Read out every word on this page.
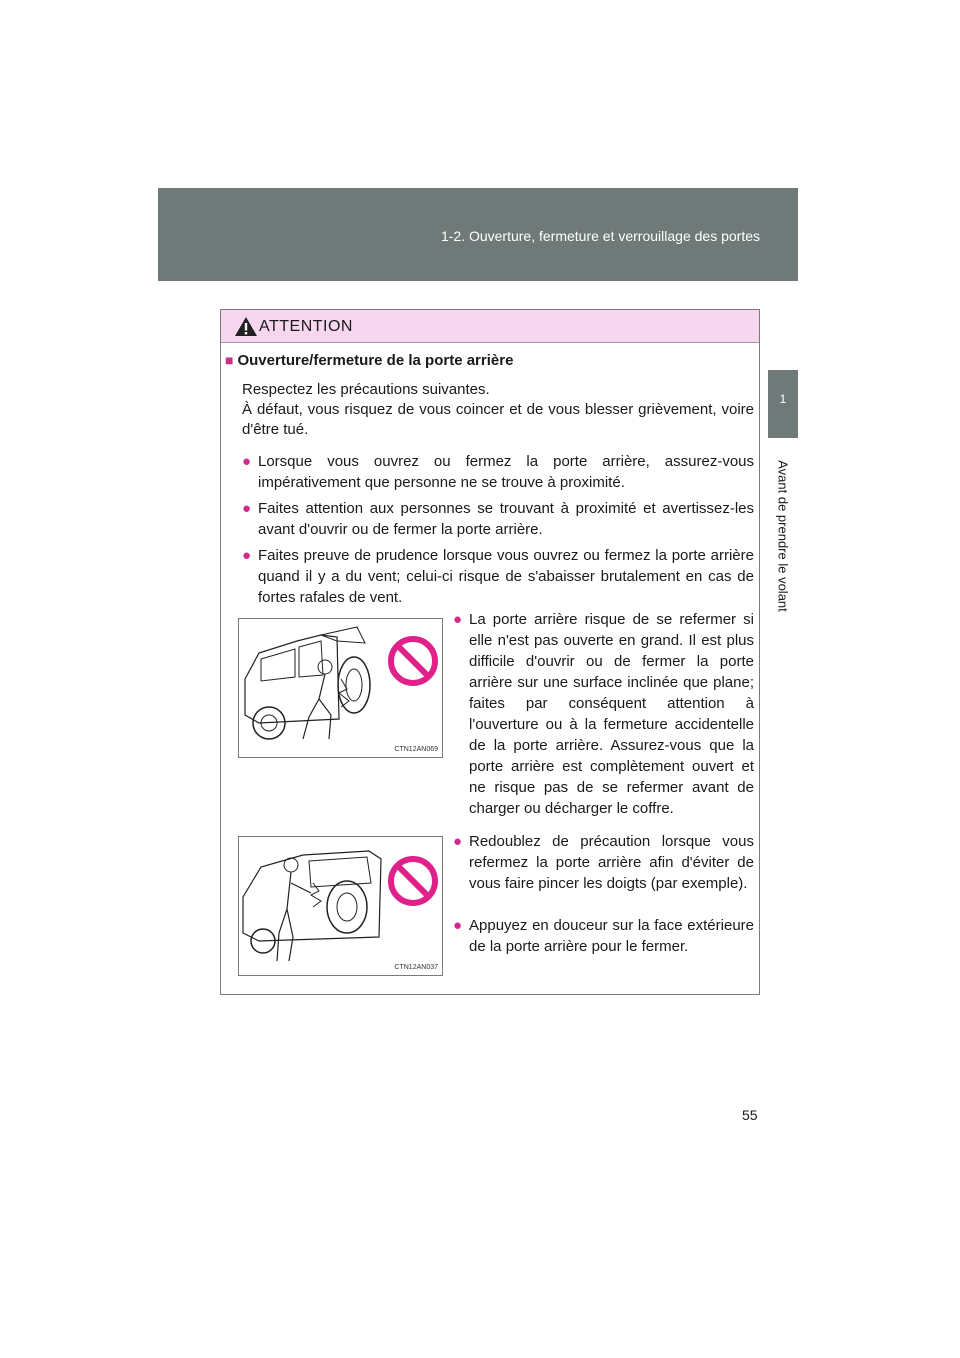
1-2. Ouverture, fermeture et verrouillage des portes
1
Avant de prendre le volant
ATTENTION
■ Ouverture/fermeture de la porte arrière
Respectez les précautions suivantes.
À défaut, vous risquez de vous coincer et de vous blesser grièvement, voire d'être tué.
● Lorsque vous ouvrez ou fermez la porte arrière, assurez-vous impérativement que personne ne se trouve à proximité.
● Faites attention aux personnes se trouvant à proximité et avertissez-les avant d'ouvrir ou de fermer la porte arrière.
● Faites preuve de prudence lorsque vous ouvrez ou fermez la porte arrière quand il y a du vent; celui-ci risque de s'abaisser brutalement en cas de fortes rafales de vent.
CTN12AN069
● La porte arrière risque de se refermer si elle n'est pas ouverte en grand. Il est plus difficile d'ouvrir ou de fermer la porte arrière sur une surface inclinée que plane; faites par conséquent attention à l'ouverture ou à la fermeture accidentelle de la porte arrière. Assurez-vous que la porte arrière est complètement ouvert et ne risque pas de se refermer avant de charger ou décharger le coffre.
CTN12AN037
● Redoublez de précaution lorsque vous refermez la porte arrière afin d'éviter de vous faire pincer les doigts (par exemple).
● Appuyez en douceur sur la face extérieure de la porte arrière pour le fermer.
55
